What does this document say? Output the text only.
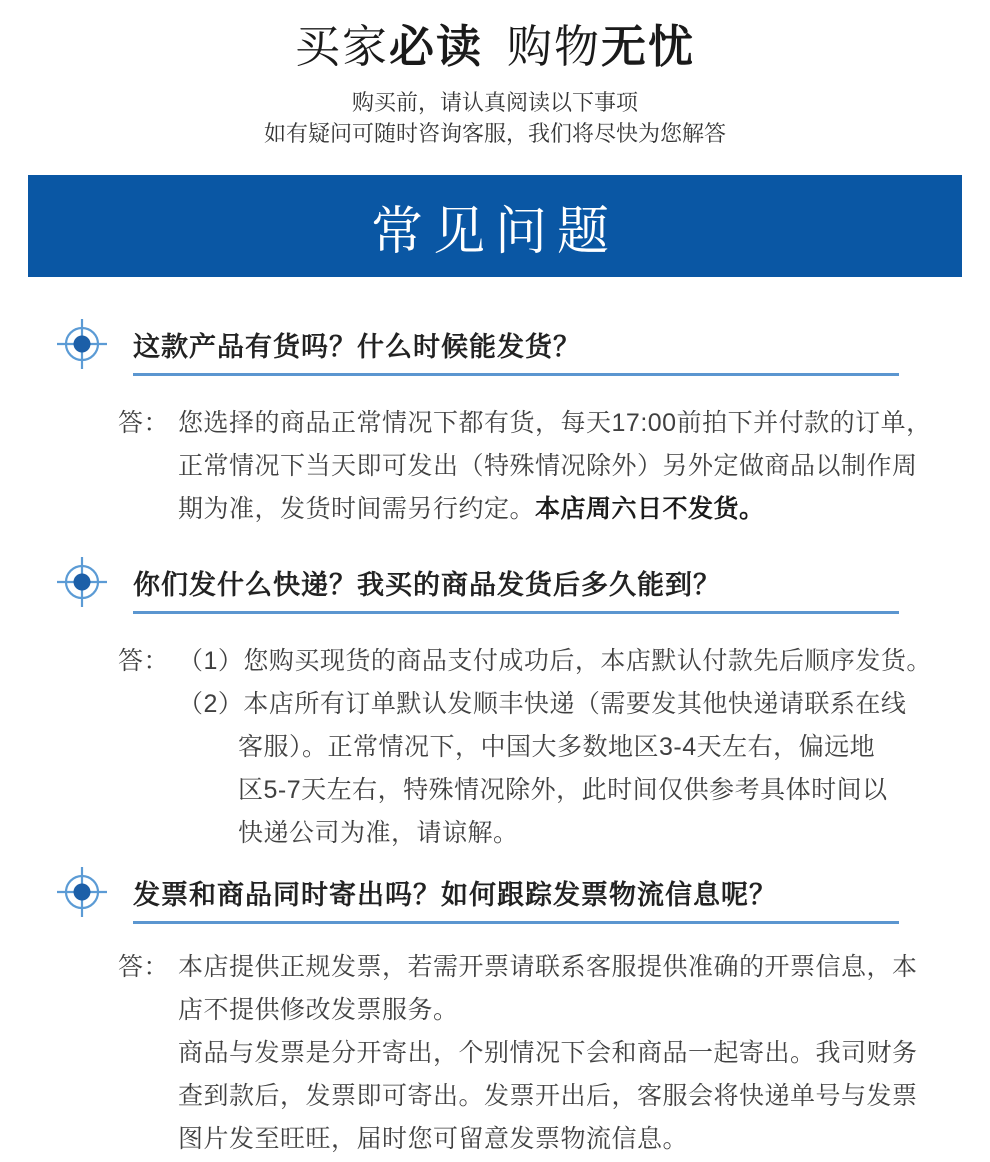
买家必读 购物无忧
购买前，请认真阅读以下事项
如有疑问可随时咨询客服，我们将尽快为您解答
常见问题
这款产品有货吗？什么时候能发货？
答： 您选择的商品正常情况下都有货，每天17:00前拍下并付款的订单，
正常情况下当天即可发出（特殊情况除外）另外定做商品以制作周
期为准，发货时间需另行约定。本店周六日不发货。
你们发什么快递？我买的商品发货后多久能到？
答： （1）您购买现货的商品支付成功后，本店默认付款先后顺序发货。
（2）本店所有订单默认发顺丰快递（需要发其他快递请联系在线
客服）。正常情况下，中国大多数地区3-4天左右，偏远地
区5-7天左右，特殊情况除外，此时间仅供参考具体时间以
快递公司为准，请谅解。
发票和商品同时寄出吗？如何跟踪发票物流信息呢？
答： 本店提供正规发票，若需开票请联系客服提供准确的开票信息，本
店不提供修改发票服务。
商品与发票是分开寄出，个别情况下会和商品一起寄出。我司财务
查到款后，发票即可寄出。发票开出后，客服会将快递单号与发票
图片发至旺旺，届时您可留意发票物流信息。
